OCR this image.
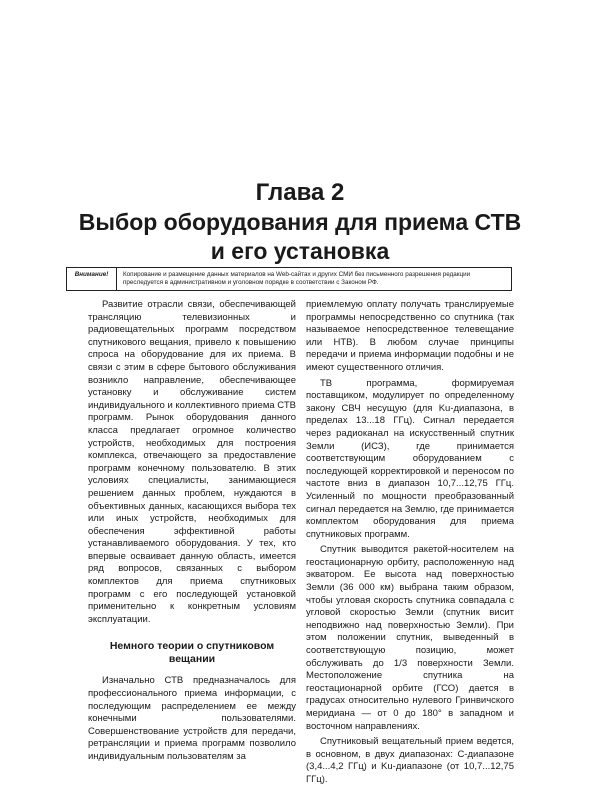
Глава 2
Выбор оборудования для приема СТВ
и его установка
Внимание!	Копирование и размещение данных материалов на Web-сайтах и других СМИ без письменного разрешения редакции преследуется в административном и уголовном порядке в соответствии с Законом РФ.

Развитие отрасли связи, обеспечивающей трансляцию телевизионных и радиовещательных программ посредством спутникового вещания, привело к повышению спроса на оборудование для их приема. В связи с этим в сфере бытового обслуживания возникло направление, обеспечивающее установку и обслуживание систем индивидуального и коллективного приема СТВ программ. Рынок оборудования данного класса предлагает огромное количество устройств, необходимых для построения комплекса, отвечающего за предоставление программ конечному пользователю. В этих условиях специалисты, занимающиеся решением данных проблем, нуждаются в объективных данных, касающихся выбора тех или иных устройств, необходимых для обеспечения эффективной работы устанавливаемого оборудования. У тех, кто впервые осваивает данную область, имеется ряд вопросов, связанных с выбором комплектов для приема спутниковых программ с его последующей установкой применительно к конкретным условиям эксплуатации.

Немного теории о спутниковом вещании

Изначально СТВ предназначалось для профессионального приема информации, с последующим распределением ее между конечными пользователями. Совершенствование устройств для передачи, ретрансляции и приема программ позволило индивидуальным пользователям за

приемлемую оплату получать транслируемые программы непосредственно со спутника (так называемое непосредственное телевещание или НТВ). В любом случае принципы передачи и приема информации подобны и не имеют существенного отличия.

ТВ программа, формируемая поставщиком, модулирует по определенному закону СВЧ несущую (для Ku-диапазона, в пределах 13...18 ГГц). Сигнал передается через радиоканал на искусственный спутник Земли (ИСЗ), где принимается соответствующим оборудованием с последующей корректировкой и переносом по частоте вниз в диапазон 10,7...12,75 ГГц. Усиленный по мощности преобразованный сигнал передается на Землю, где принимается комплектом оборудования для приема спутниковых программ.

Спутник выводится ракетой-носителем на геостационарную орбиту, расположенную над экватором. Ее высота над поверхностью Земли (36 000 км) выбрана таким образом, чтобы угловая скорость спутника совпадала с угловой скоростью Земли (спутник висит неподвижно над поверхностью Земли). При этом положении спутник, выведенный в соответствующую позицию, может обслуживать до 1/3 поверхности Земли. Местоположение спутника на геостационарной орбите (ГСО) дается в градусах относительно нулевого Гринвичского меридиана — от 0 до 180° в западном и восточном направлениях.

Спутниковый вещательный прием ведется, в основном, в двух диапазонах: С-диапазоне (3,4...4,2 ГГц) и Ku-диапазоне (от 10,7...12,75 ГГц).
